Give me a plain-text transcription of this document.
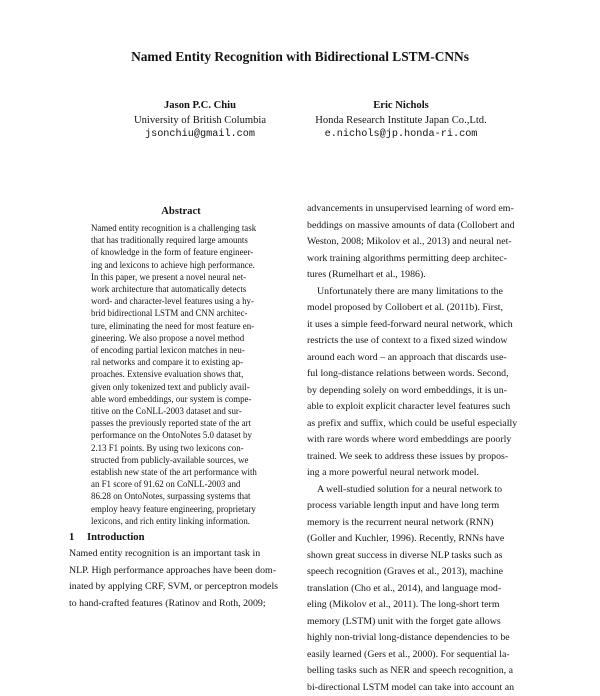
Named Entity Recognition with Bidirectional LSTM-CNNs
Jason P.C. Chiu
University of British Columbia
jsonchiu@gmail.com
Eric Nichols
Honda Research Institute Japan Co.,Ltd.
e.nichols@jp.honda-ri.com
Abstract
Named entity recognition is a challenging task
that has traditionally required large amounts
of knowledge in the form of feature engineer-
ing and lexicons to achieve high performance.
In this paper, we present a novel neural net-
work architecture that automatically detects
word- and character-level features using a hy-
brid bidirectional LSTM and CNN architec-
ture, eliminating the need for most feature en-
gineering. We also propose a novel method
of encoding partial lexicon matches in neu-
ral networks and compare it to existing ap-
proaches. Extensive evaluation shows that,
given only tokenized text and publicly avail-
able word embeddings, our system is compe-
titive on the CoNLL-2003 dataset and sur-
passes the previously reported state of the art
performance on the OntoNotes 5.0 dataset by
2.13 F1 points. By using two lexicons con-
structed from publicly-available sources, we
establish new state of the art performance with
an F1 score of 91.62 on CoNLL-2003 and
86.28 on OntoNotes, surpassing systems that
employ heavy feature engineering, proprietary
lexicons, and rich entity linking information.
1 Introduction
Named entity recognition is an important task in
NLP. High performance approaches have been dom-
inated by applying CRF, SVM, or perceptron models
to hand-crafted features (Ratinov and Roth, 2009;
advancements in unsupervised learning of word em-
beddings on massive amounts of data (Collobert and
Weston, 2008; Mikolov et al., 2013) and neural net-
work training algorithms permitting deep architec-
tures (Rumelhart et al., 1986).
Unfortunately there are many limitations to the
model proposed by Collobert et al. (2011b). First,
it uses a simple feed-forward neural network, which
restricts the use of context to a fixed sized window
around each word – an approach that discards use-
ful long-distance relations between words. Second,
by depending solely on word embeddings, it is un-
able to exploit explicit character level features such
as prefix and suffix, which could be useful especially
with rare words where word embeddings are poorly
trained. We seek to address these issues by propos-
ing a more powerful neural network model.
A well-studied solution for a neural network to
process variable length input and have long term
memory is the recurrent neural network (RNN)
(Goller and Kuchler, 1996). Recently, RNNs have
shown great success in diverse NLP tasks such as
speech recognition (Graves et al., 2013), machine
translation (Cho et al., 2014), and language mod-
eling (Mikolov et al., 2011). The long-short term
memory (LSTM) unit with the forget gate allows
highly non-trivial long-distance dependencies to be
easily learned (Gers et al., 2000). For sequential la-
belling tasks such as NER and speech recognition, a
bi-directional LSTM model can take into account an
